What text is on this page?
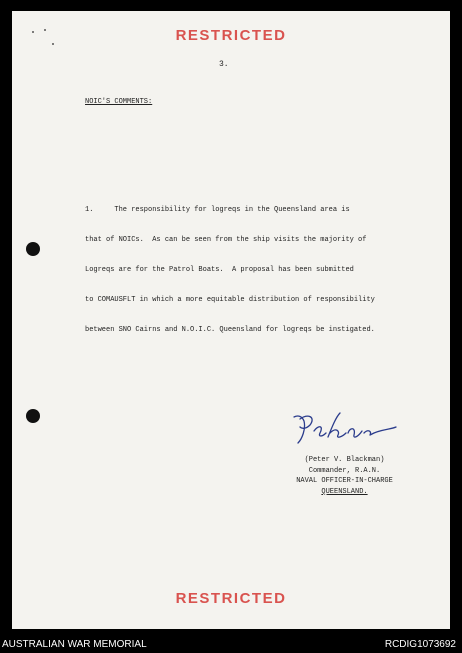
RESTRICTED
3.
NOIC'S COMMENTS:

1.     The responsibility for logreqs in the Queensland area is

that of NOICs.  As can be seen from the ship visits the majority of

Logreqs are for the Patrol Boats.  A proposal has been submitted

to COMAUSFLT in which a more equitable distribution of responsibility

between SNO Cairns and N.O.I.C. Queensland for logreqs be instigated.

(Peter V. Blackman)
Commander, R.A.N.
NAVAL OFFICER-IN-CHARGE
QUEENSLAND.
RESTRICTED
AUSTRALIAN WAR MEMORIAL	RCDIG1073692
